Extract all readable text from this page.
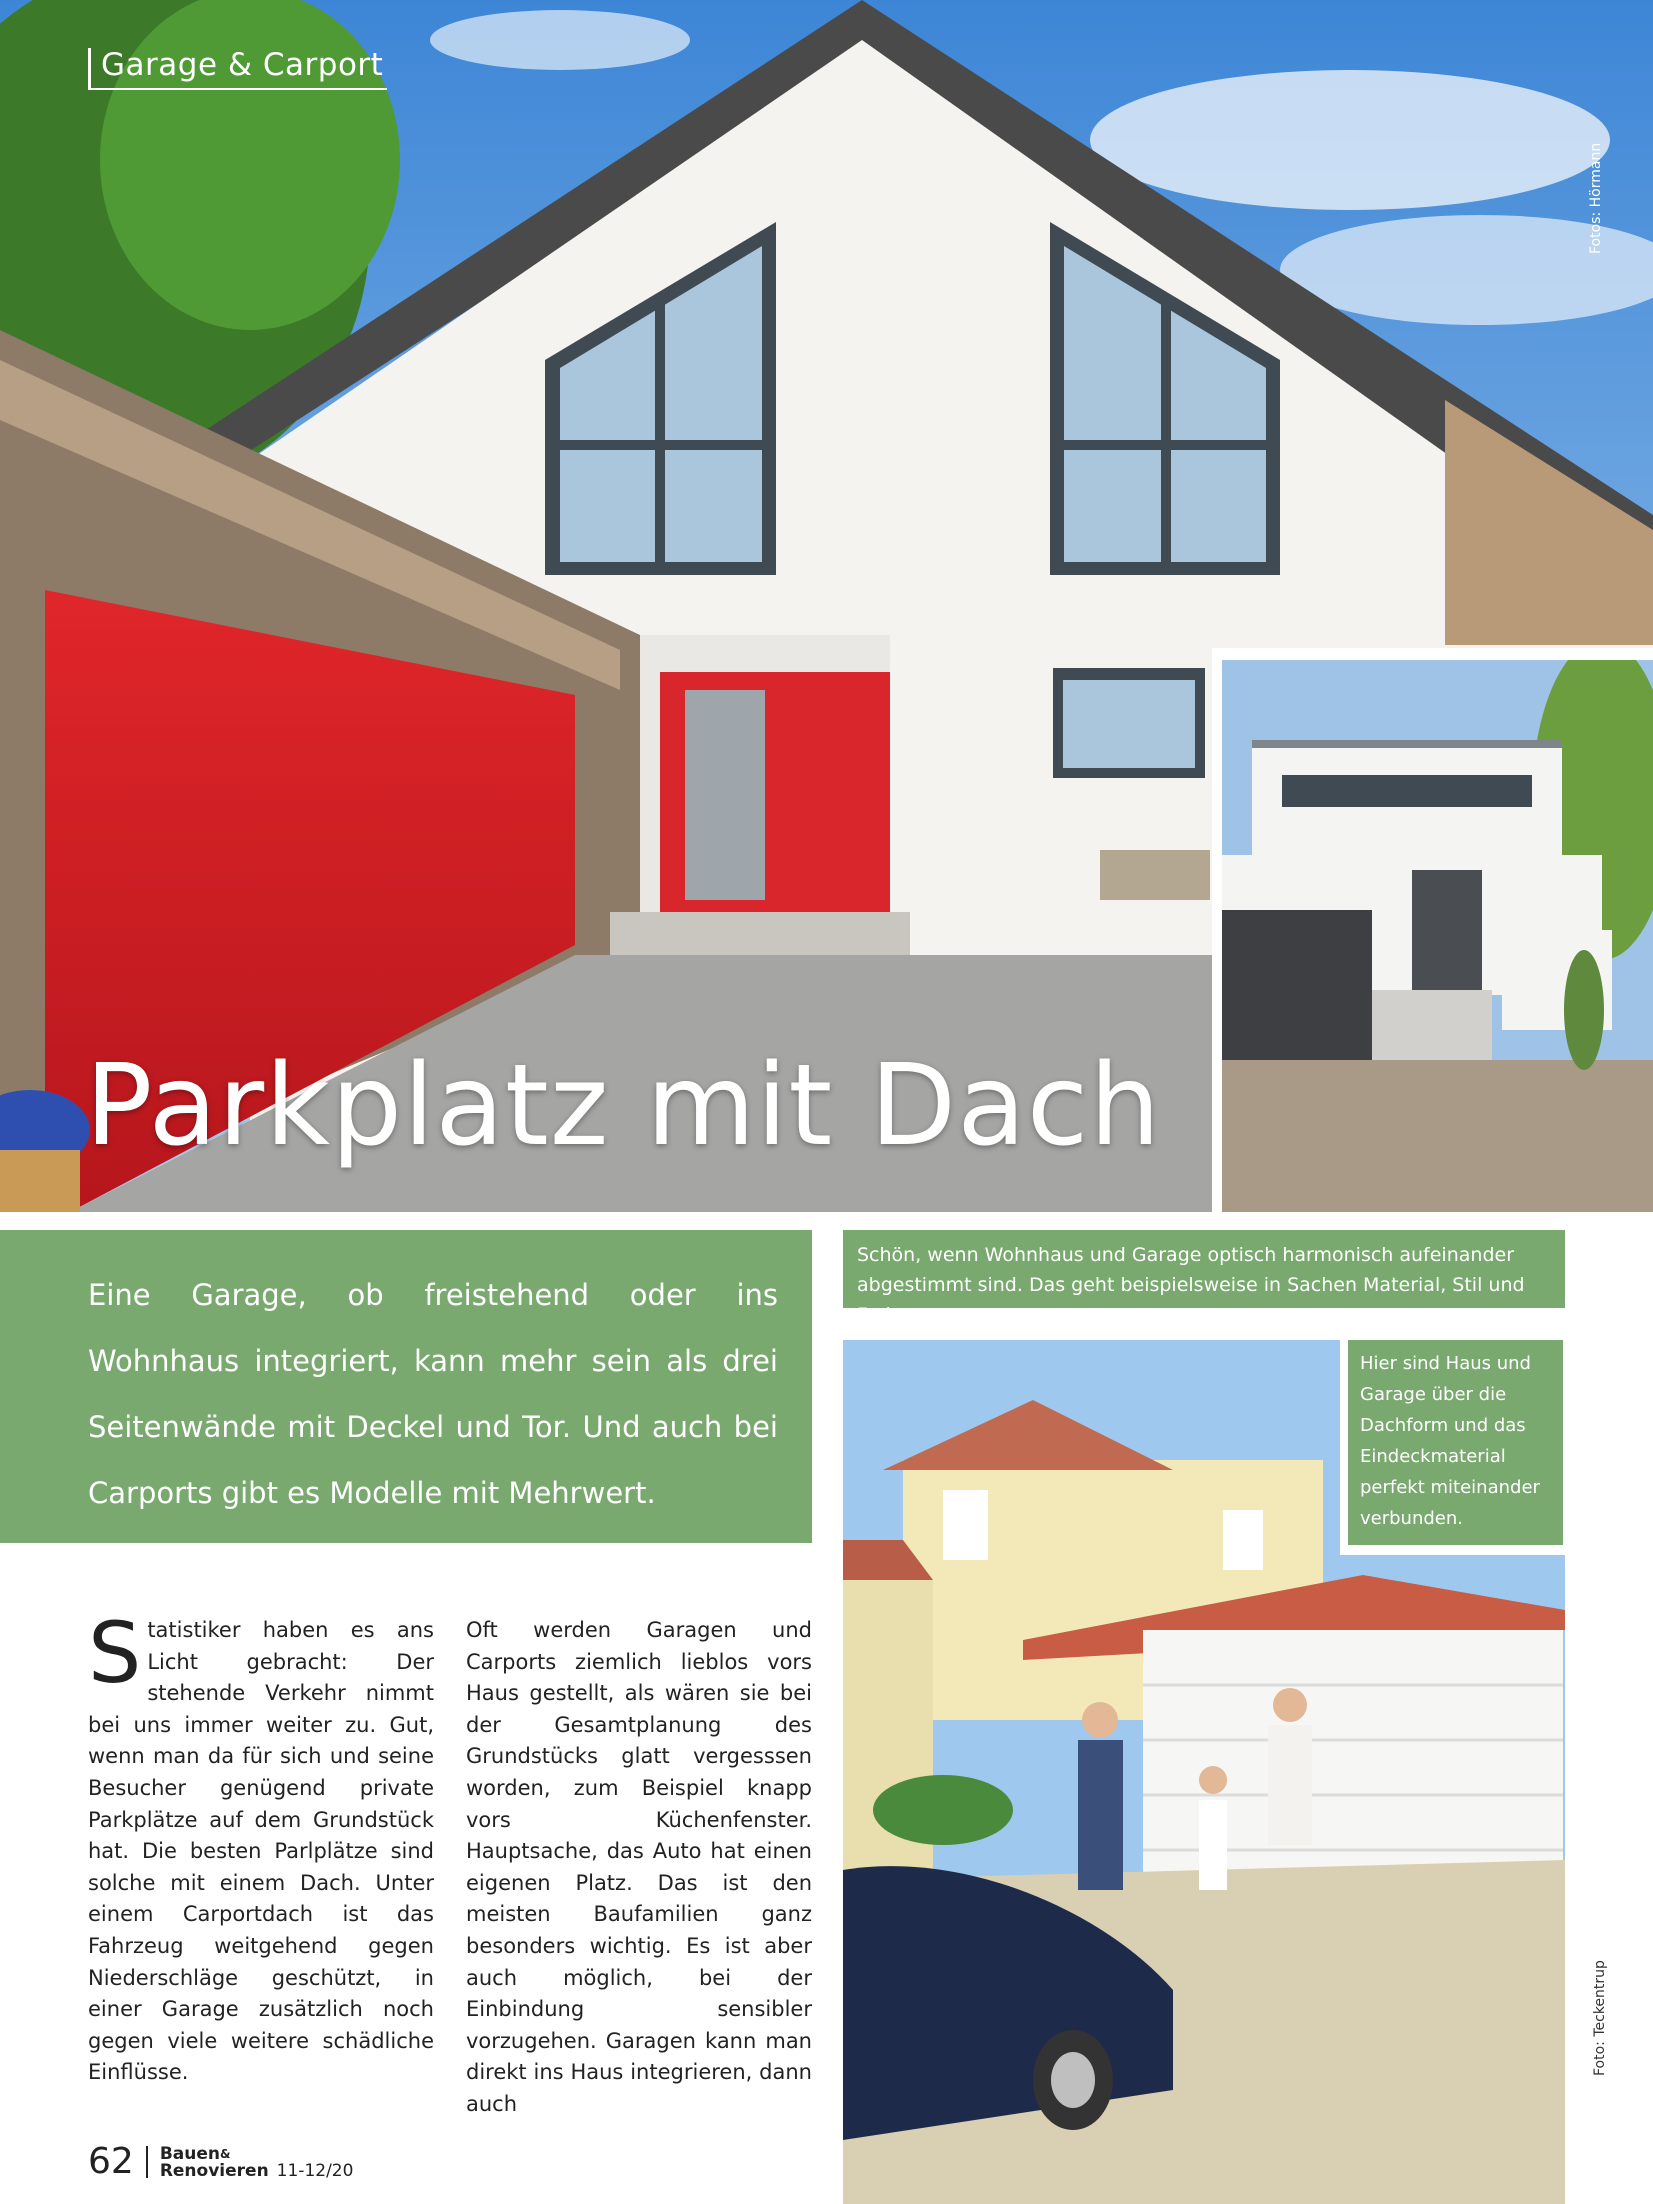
Garage & Carport
Fotos: Hörmann
Parkplatz mit Dach

Eine Garage, ob freistehend oder ins Wohnhaus integriert, kann mehr sein als drei Seitenwände mit Deckel und Tor. Und auch bei Carports gibt es Modelle mit Mehrwert.

Schön, wenn Wohnhaus und Garage optisch harmonisch aufeinander abgestimmt sind. Das geht beispielsweise in Sachen Material, Stil und Farbe.
Hier sind Haus und Garage über die Dachform und das Eindeckmaterial perfekt miteinander verbunden.
Foto: Teckentrup
Statistiker haben es ans Licht gebracht: Der stehende Verkehr nimmt bei uns immer weiter zu. Gut, wenn man da für sich und seine Besucher genügend private Parkplätze auf dem Grundstück hat. Die besten Parlplätze sind solche mit einem Dach. Unter einem Carportdach ist das Fahrzeug weitgehend gegen Niederschläge geschützt, in einer Garage zusätzlich noch gegen viele weitere schädliche Einflüsse.
Oft werden Garagen und Carports ziemlich lieblos vors Haus gestellt, als wären sie bei der Gesamtplanung des Grundstücks glatt vergesssen worden, zum Beispiel knapp vors Küchenfenster. Hauptsache, das Auto hat einen eigenen Platz. Das ist den meisten Baufamilien ganz besonders wichtig. Es ist aber auch möglich, bei der Einbindung sensibler vorzugehen. Garagen kann man direkt ins Haus integrieren, dann auch
62 Bauen&
Renovieren 11-12/20
